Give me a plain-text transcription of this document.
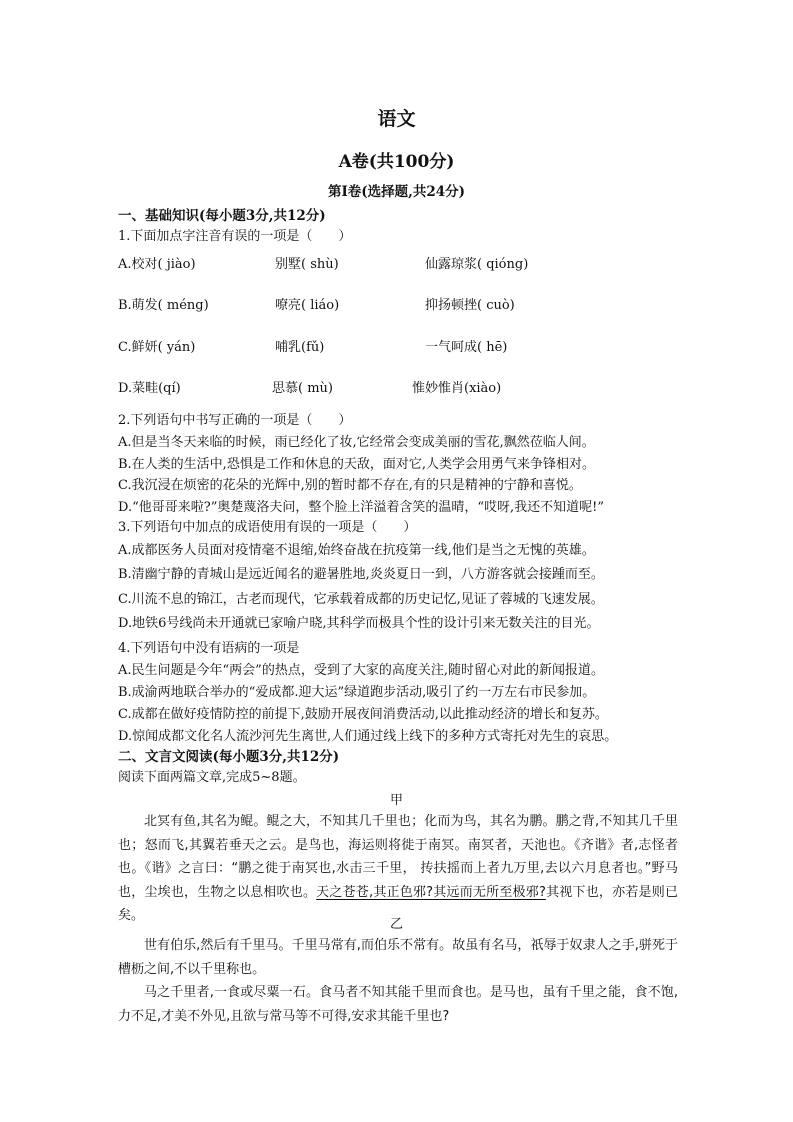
语文
A卷(共100分)
第Ⅰ卷(选择题,共24分)
一、基础知识(每小题3分,共12分)
1.下面加点字注音有误的一项是（　　）
A.校对( jiào)	别墅( shù)	仙露琼浆( qióng)
B.萌发( méng)	嘹亮( liáo)	抑扬顿挫( cuò)
C.鲜妍( yán)	哺乳(fǔ)	一气呵成( hē)
D.菜畦(qí)	思慕( mù)	惟妙惟肖(xiào)
2.下列语句中书写正确的一项是（　　）
A.但是当冬天来临的时候，雨已经化了妆,它经常会变成美丽的雪花,飘然莅临人间。
B.在人类的生活中,恐惧是工作和休息的天敌，面对它,人类学会用勇气来争锋相对。
C.我沉浸在烦密的花朵的光辉中,别的暂时都不存在,有的只是精神的宁静和喜悦。
D.“他哥哥来啦?”奥楚蔑洛夫问，整个脸上洋溢着含笑的温晴，“哎呀,我还不知道呢!”
3.下列语句中加点的成语使用有误的一项是（　　）
A.成都医务人员面对疫情毫不退缩,始终奋战在抗疫第一线,他们是当之无愧的英雄。
B.清幽宁静的青城山是远近闻名的避暑胜地,炎炎夏日一到，八方游客就会接踵而至。
C.川流不息的锦江，古老而现代，它承载着成都的历史记忆,见证了蓉城的飞速发展。
D.地铁6号线尚未开通就已家喻户晓,其科学而极具个性的设计引来无数关注的目光。
4.下列语句中没有语病的一项是
A.民生问题是今年“两会”的热点，受到了大家的高度关注,随时留心对此的新闻报道。
B.成渝两地联合举办的“爱成都.迎大运”绿道跑步活动,吸引了约一万左右市民参加。
C.成都在做好疫情防控的前提下,鼓励开展夜间消费活动,以此推动经济的增长和复苏。
D.惊闻成都文化名人流沙河先生离世,人们通过线上线下的多种方式寄托对先生的哀思。
二、文言文阅读(每小题3分,共12分)
阅读下面两篇文章,完成5~8题。
甲

北冥有鱼,其名为鲲。鲲之大，不知其几千里也；化而为鸟，其名为鹏。鹏之背,不知其几千里也；怒而飞,其翼若垂天之云。是鸟也，海运则将徙于南冥。南冥者，天池也。《齐谐》者,志怪者也。《谐》之言曰：“鹏之徙于南冥也,水击三千里， 抟扶摇而上者九万里,去以六月息者也。”野马也，尘埃也，生物之以息相吹也。天之苍苍,其正色邪?其远而无所至极邪?其视下也，亦若是则已矣。

乙

世有伯乐,然后有千里马。千里马常有,而伯乐不常有。故虽有名马，祇辱于奴隶人之手,骈死于槽枥之间,不以千里称也。

马之千里者,一食或尽粟一石。食马者不知其能千里而食也。是马也，虽有千里之能，食不饱,力不足,才美不外见,且欲与常马等不可得,安求其能千里也?
